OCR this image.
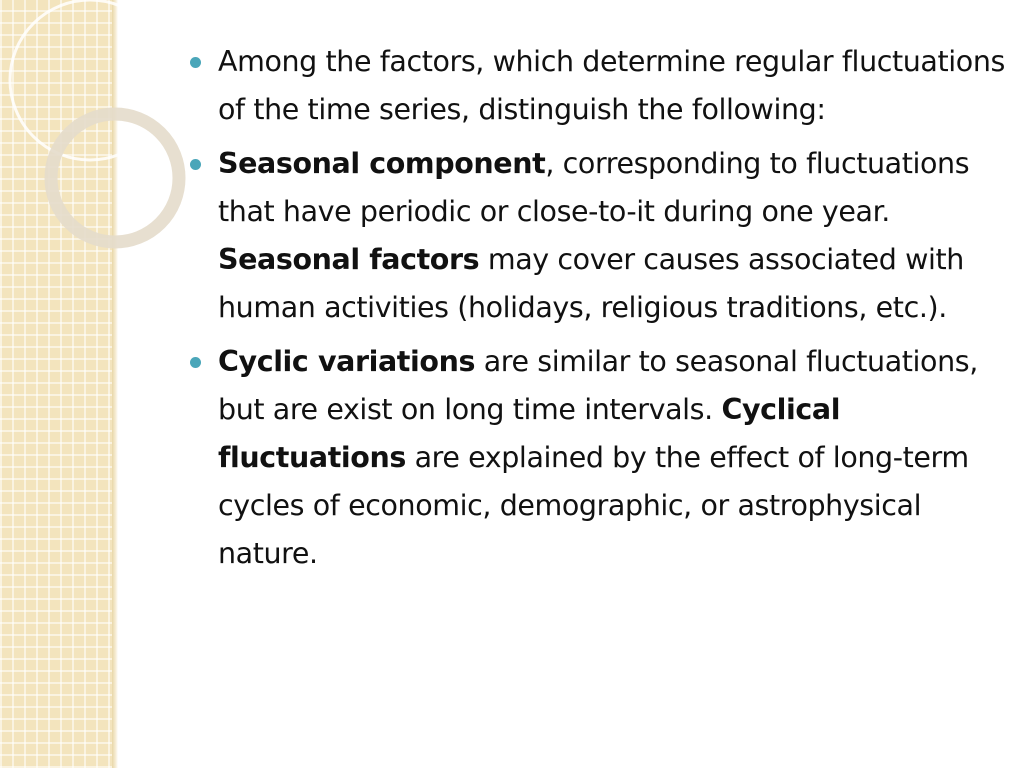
Among the factors, which determine regular fluctuations of the time series, distinguish the following:
Seasonal component, corresponding to fluctuations that have periodic or close-to-it during one year. Seasonal factors may cover causes associated with human activities (holidays, religious traditions, etc.).
Cyclic variations are similar to seasonal fluctuations, but are exist on long time intervals. Cyclical fluctuations are explained by the effect of long-term cycles of economic, demographic, or astrophysical nature.
